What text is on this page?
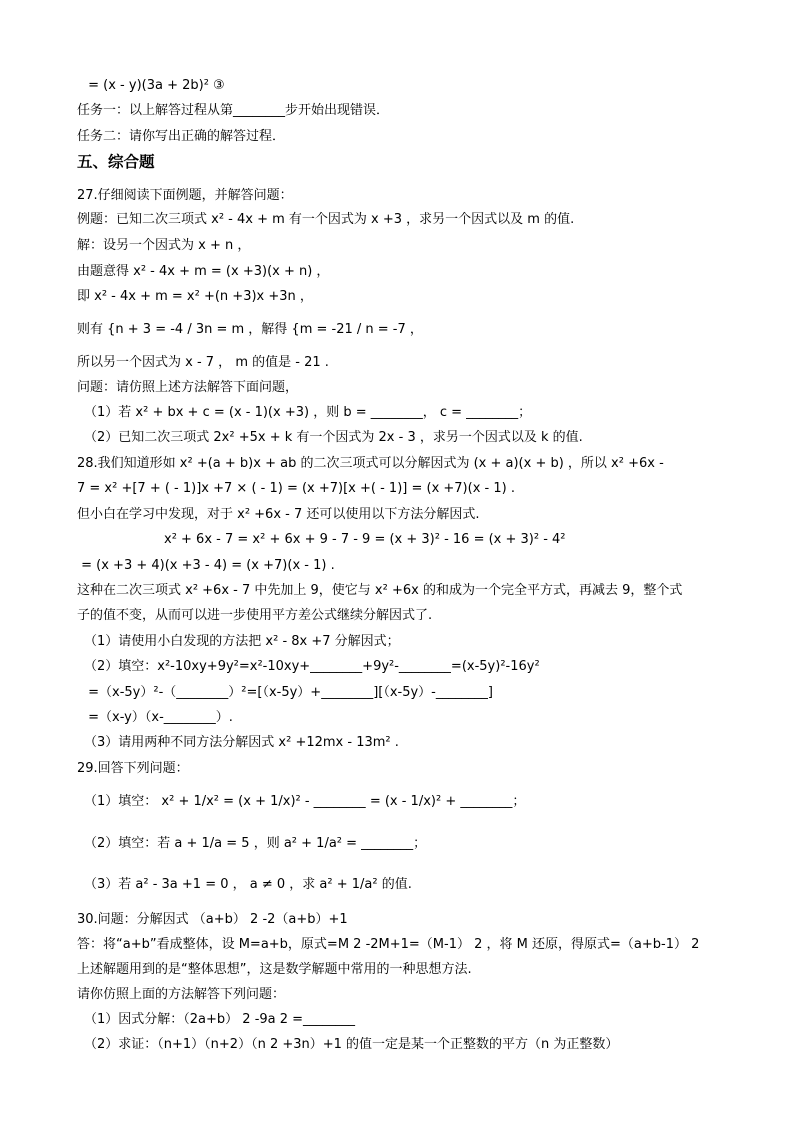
= (x - y)(3a + 2b)² ③
任务一：以上解答过程从第________步开始出现错误．
任务二：请你写出正确的解答过程．
五、综合题
27.仔细阅读下面例题，并解答问题：
例题：已知二次三项式 x² - 4x + m 有一个因式为 x +3 ，求另一个因式以及 m 的值.
解：设另一个因式为 x + n ，
由题意得 x² - 4x + m = (x +3)(x + n) ，
即 x² - 4x + m = x² +(n +3)x +3n ，
则有 {n + 3 = -4 / 3n = m ，解得 {m = -21 / n = -7 ，
所以另一个因式为 x - 7 ， m 的值是 - 21 .
问题：请仿照上述方法解答下面问题，
（1）若 x² + bx + c = (x - 1)(x +3) ，则 b = ________， c = ________；
（2）已知二次三项式 2x² +5x + k 有一个因式为 2x - 3 ，求另一个因式以及 k 的值.
28.我们知道形如 x² +(a + b)x + ab 的二次三项式可以分解因式为 (x + a)(x + b) ，所以 x² +6x -
7 = x² +[7 + ( - 1)]x +7 × ( - 1) = (x +7)[x +( - 1)] = (x +7)(x - 1) .
但小白在学习中发现，对于 x² +6x - 7 还可以使用以下方法分解因式.
x² + 6x - 7 = x² + 6x + 9 - 7 - 9 = (x + 3)² - 16 = (x + 3)² - 4²
= (x +3 + 4)(x +3 - 4) = (x +7)(x - 1) .
这种在二次三项式 x² +6x - 7 中先加上 9，使它与 x² +6x 的和成为一个完全平方式，再减去 9，整个式
子的值不变，从而可以进一步使用平方差公式继续分解因式了.
（1）请使用小白发现的方法把 x² - 8x +7 分解因式；
（2）填空：x²-10xy+9y²=x²-10xy+________+9y²-________=(x-5y)²-16y²
=（x-5y）²-（________）²=[（x-5y）+________][（x-5y）-________]
=（x-y）（x-________）.
（3）请用两种不同方法分解因式 x² +12mx - 13m² .
29.回答下列问题：
（1）填空： x² + 1/x² = (x + 1/x)² - ________ = (x - 1/x)² + ________；
（2）填空：若 a + 1/a = 5 ，则 a² + 1/a² = ________；
（3）若 a² - 3a +1 = 0 ， a ≠ 0 ，求 a² + 1/a² 的值.
30.问题：分解因式 （a+b） 2 -2（a+b）+1
答：将“a+b”看成整体，设 M=a+b，原式=M 2 -2M+1=（M-1） 2 ，将 M 还原，得原式=（a+b-1） 2
上述解题用到的是“整体思想”，这是数学解题中常用的一种思想方法.
请你仿照上面的方法解答下列问题：
（1）因式分解：（2a+b） 2 -9a 2 =________
（2）求证：（n+1）（n+2）（n 2 +3n）+1 的值一定是某一个正整数的平方（n 为正整数）
